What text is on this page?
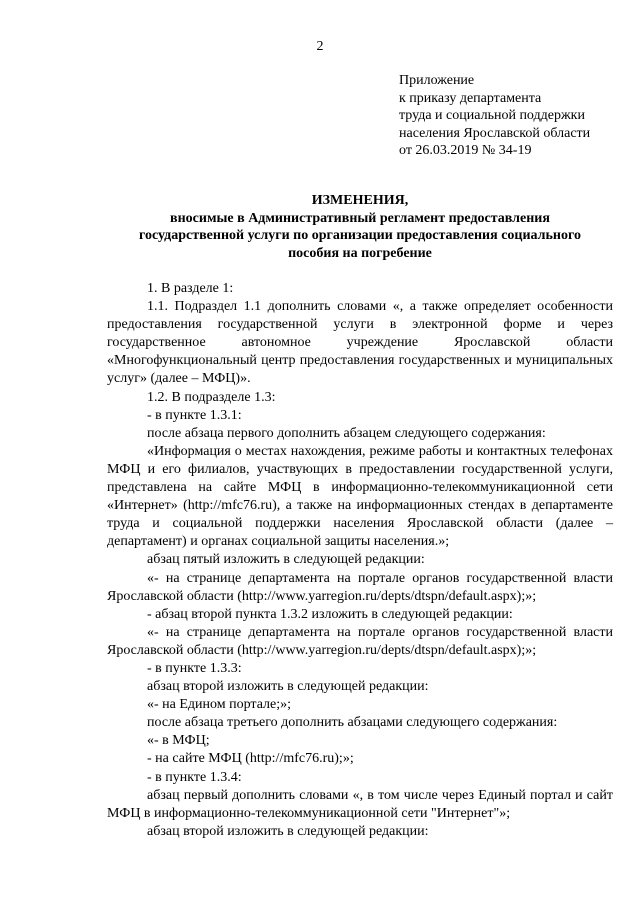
2
Приложение
к приказу департамента
труда и социальной поддержки
населения Ярославской области
от 26.03.2019 № 34-19
ИЗМЕНЕНИЯ,
вносимые в Административный регламент предоставления
государственной услуги по организации предоставления социального
пособия на погребение

1. В разделе 1:

1.1. Подраздел 1.1 дополнить словами «, а также определяет особенности предоставления государственной услуги в электронной форме и через государственное автономное учреждение Ярославской области «Многофункциональный центр предоставления государственных и муниципальных услуг» (далее – МФЦ)».

1.2. В подразделе 1.3:

- в пункте 1.3.1:

после абзаца первого дополнить абзацем следующего содержания:

«Информация о местах нахождения, режиме работы и контактных телефонах МФЦ и его филиалов, участвующих в предоставлении государственной услуги, представлена на сайте МФЦ в информационно-телекоммуникационной сети «Интернет» (http://mfc76.ru), а также на информационных стендах в департаменте труда и социальной поддержки населения Ярославской области (далее – департамент) и органах социальной защиты населения.»;

абзац пятый изложить в следующей редакции:

«- на странице департамента на портале органов государственной власти Ярославской области (http://www.yarregion.ru/depts/dtspn/default.aspx);»;

- абзац второй пункта 1.3.2 изложить в следующей редакции:

«- на странице департамента на портале органов государственной власти Ярославской области (http://www.yarregion.ru/depts/dtspn/default.aspx);»;

- в пункте 1.3.3:

абзац второй изложить в следующей редакции:

«- на Едином портале;»;

после абзаца третьего дополнить абзацами следующего содержания:

«- в МФЦ;

- на сайте МФЦ (http://mfc76.ru);»;

- в пункте 1.3.4:

абзац первый дополнить словами «, в том числе через Единый портал и сайт МФЦ в информационно-телекоммуникационной сети "Интернет"»;

абзац второй изложить в следующей редакции:
